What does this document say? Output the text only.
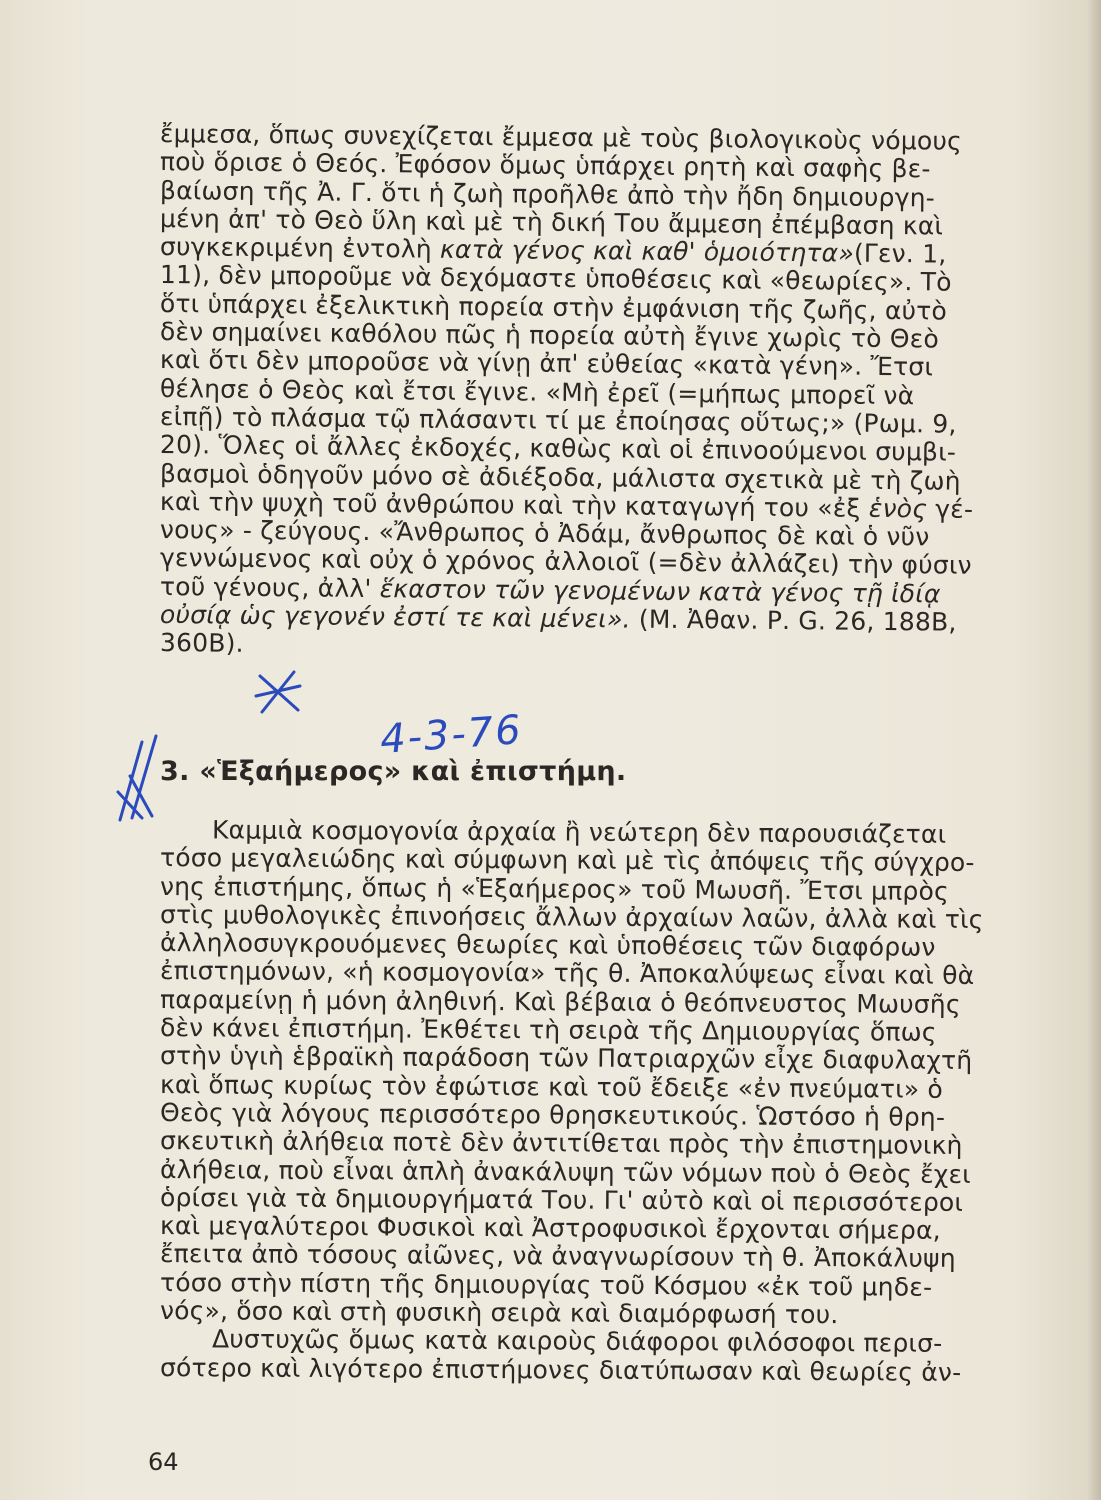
ἔμμεσα, ὅπως συνεχίζεται ἔμμεσα μὲ τοὺς βιολογικοὺς νόμους
ποὺ ὅρισε ὁ Θεός. Ἐφόσον ὅμως ὑπάρχει ρητὴ καὶ σαφὴς βε-
βαίωση τῆς Ἀ. Γ. ὅτι ἡ ζωὴ προῆλθε ἀπὸ τὴν ἤδη δημιουργη-
μένη ἀπ' τὸ Θεὸ ὕλη καὶ μὲ τὴ δική Του ἄμμεση ἐπέμβαση καὶ
συγκεκριμένη ἐντολὴ κατὰ γένος καὶ καθ' ὁμοιότητα»(Γεν. 1,
11), δὲν μποροῦμε νὰ δεχόμαστε ὑποθέσεις καὶ «θεωρίες». Τὸ
ὅτι ὑπάρχει ἐξελικτικὴ πορεία στὴν ἐμφάνιση τῆς ζωῆς, αὐτὸ
δὲν σημαίνει καθόλου πῶς ἡ πορεία αὐτὴ ἔγινε χωρὶς τὸ Θεὸ
καὶ ὅτι δὲν μποροῦσε νὰ γίνῃ ἀπ' εὐθείας «κατὰ γένη». Ἔτσι
θέλησε ὁ Θεὸς καὶ ἔτσι ἔγινε. «Μὴ ἐρεῖ (=μήπως μπορεῖ νὰ
εἰπῇ) τὸ πλάσμα τῷ πλάσαντι τί με ἐποίησας οὕτως;» (Ρωμ. 9,
20). Ὅλες οἱ ἄλλες ἐκδοχές, καθὼς καὶ οἱ ἐπινοούμενοι συμβι-
βασμοὶ ὁδηγοῦν μόνο σὲ ἀδιέξοδα, μάλιστα σχετικὰ μὲ τὴ ζωὴ
καὶ τὴν ψυχὴ τοῦ ἀνθρώπου καὶ τὴν καταγωγή του «ἐξ ἑνὸς γέ-
νους» - ζεύγους. «Ἄνθρωπος ὁ Ἀδάμ, ἄνθρωπος δὲ καὶ ὁ νῦν
γεννώμενος καὶ οὐχ ὁ χρόνος ἀλλοιοῖ (=δὲν ἀλλάζει) τὴν φύσιν
τοῦ γένους, ἀλλ' ἕκαστον τῶν γενομένων κατὰ γένος τῇ ἰδίᾳ
οὐσίᾳ ὡς γεγονέν ἐστί τε καὶ μένει». (Μ. Ἀθαν. Ρ. G. 26, 188Β,
360Β).
4-3-76
3. «Ἑξαήμερος» καὶ ἐπιστήμη.
Καμμιὰ κοσμογονία ἀρχαία ἢ νεώτερη δὲν παρουσιάζεται
τόσο μεγαλειώδης καὶ σύμφωνη καὶ μὲ τὶς ἀπόψεις τῆς σύγχρο-
νης ἐπιστήμης, ὅπως ἡ «Ἑξαήμερος» τοῦ Μωυσῆ. Ἔτσι μπρὸς
στὶς μυθολογικὲς ἐπινοήσεις ἄλλων ἀρχαίων λαῶν, ἀλλὰ καὶ τὶς
ἀλληλοσυγκρουόμενες θεωρίες καὶ ὑποθέσεις τῶν διαφόρων
ἐπιστημόνων, «ἡ κοσμογονία» τῆς θ. Ἀποκαλύψεως εἶναι καὶ θὰ
παραμείνῃ ἡ μόνη ἀληθινή. Καὶ βέβαια ὁ θεόπνευστος Μωυσῆς
δὲν κάνει ἐπιστήμη. Ἐκθέτει τὴ σειρὰ τῆς Δημιουργίας ὅπως
στὴν ὑγιὴ ἑβραϊκὴ παράδοση τῶν Πατριαρχῶν εἶχε διαφυλαχτῆ
καὶ ὅπως κυρίως τὸν ἐφώτισε καὶ τοῦ ἔδειξε «ἐν πνεύματι» ὁ
Θεὸς γιὰ λόγους περισσότερο θρησκευτικούς. Ὡστόσο ἡ θρη-
σκευτικὴ ἀλήθεια ποτὲ δὲν ἀντιτίθεται πρὸς τὴν ἐπιστημονικὴ
ἀλήθεια, ποὺ εἶναι ἁπλὴ ἀνακάλυψη τῶν νόμων ποὺ ὁ Θεὸς ἔχει
ὁρίσει γιὰ τὰ δημιουργήματά Του. Γι' αὐτὸ καὶ οἱ περισσότεροι
καὶ μεγαλύτεροι Φυσικοὶ καὶ Ἀστροφυσικοὶ ἔρχονται σήμερα,
ἔπειτα ἀπὸ τόσους αἰῶνες, νὰ ἀναγνωρίσουν τὴ θ. Ἀποκάλυψη
τόσο στὴν πίστη τῆς δημιουργίας τοῦ Κόσμου «ἐκ τοῦ μηδε-
νός», ὅσο καὶ στὴ φυσικὴ σειρὰ καὶ διαμόρφωσή του.
Δυστυχῶς ὅμως κατὰ καιροὺς διάφοροι φιλόσοφοι περισ-
σότερο καὶ λιγότερο ἐπιστήμονες διατύπωσαν καὶ θεωρίες ἀν-
64
